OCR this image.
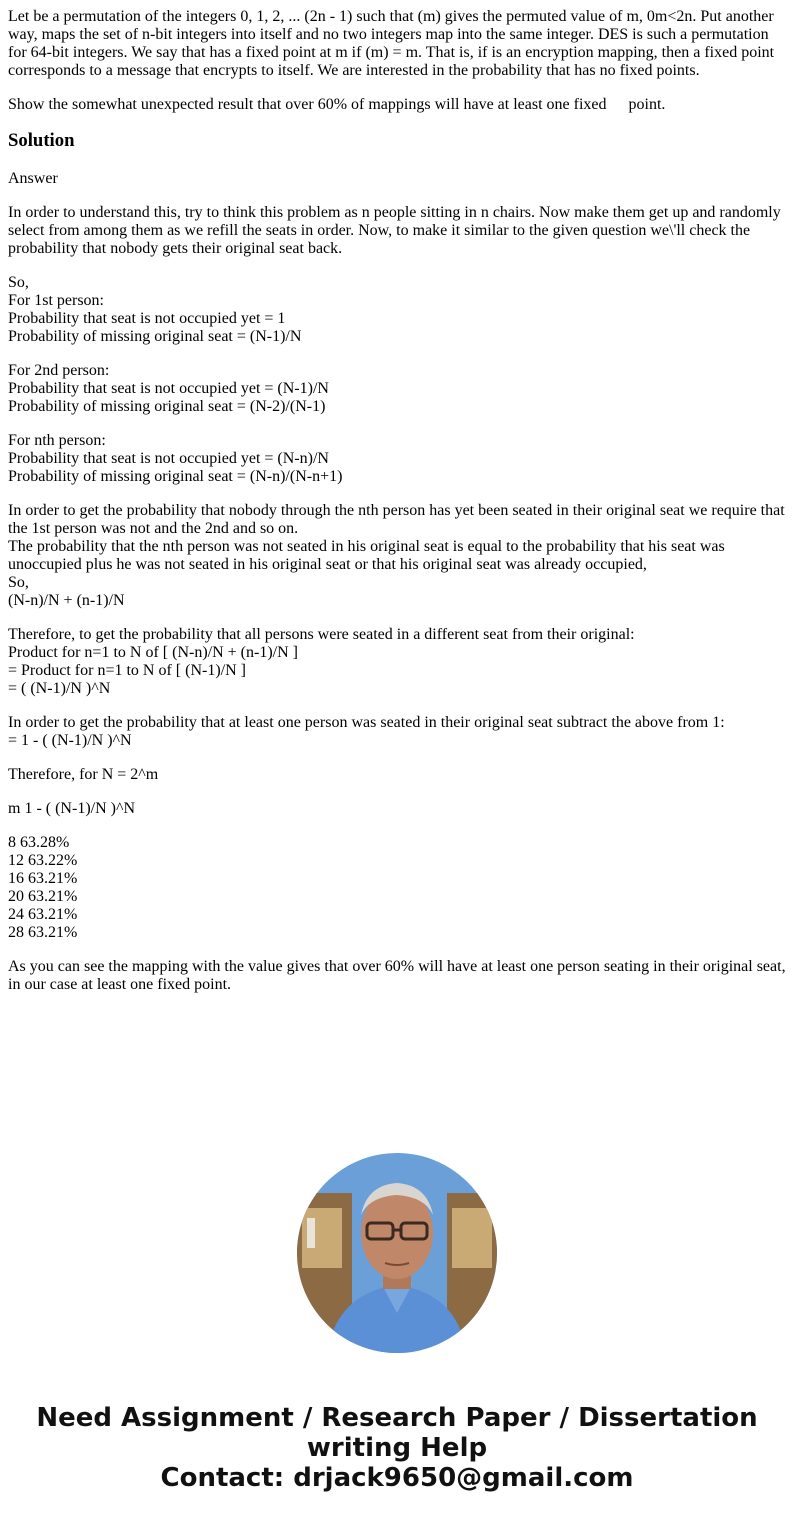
Let be a permutation of the integers 0, 1, 2, ... (2n - 1) such that (m) gives the permuted value of m, 0m<2n. Put another way, maps the set of n-bit integers into itself and no two integers map into the same integer. DES is such a permutation for 64-bit integers. We say that has a fixed point at m if (m) = m. That is, if is an encryption mapping, then a fixed point corresponds to a message that encrypts to itself. We are interested in the probability that has no fixed points.

Show the somewhat unexpected result that over 60% of mappings will have at least one fixed point.

Solution

Answer

In order to understand this, try to think this problem as n people sitting in n chairs. Now make them get up and randomly select from among them as we refill the seats in order. Now, to make it similar to the given question we\'ll check the probability that nobody gets their original seat back.

So,
For 1st person:
Probability that seat is not occupied yet = 1
Probability of missing original seat = (N-1)/N
For 2nd person:
Probability that seat is not occupied yet = (N-1)/N
Probability of missing original seat = (N-2)/(N-1)
For nth person:
Probability that seat is not occupied yet = (N-n)/N
Probability of missing original seat = (N-n)/(N-n+1)
In order to get the probability that nobody through the nth person has yet been seated in their original seat we require that the 1st person was not and the 2nd and so on.
The probability that the nth person was not seated in his original seat is equal to the probability that his seat was unoccupied plus he was not seated in his original seat or that his original seat was already occupied,
So,
(N-n)/N + (n-1)/N
Therefore, to get the probability that all persons were seated in a different seat from their original:
Product for n=1 to N of [ (N-n)/N + (n-1)/N ]
= Product for n=1 to N of [ (N-1)/N ]
= ( (N-1)/N )^N
In order to get the probability that at least one person was seated in their original seat subtract the above from 1:
= 1 - ( (N-1)/N )^N
Therefore, for N = 2^m
m 1 - ( (N-1)/N )^N
8 63.28%
12 63.22%
16 63.21%
20 63.21%
24 63.21%
28 63.21%

As you can see the mapping with the value gives that over 60% will have at least one person seating in their original seat, in our case at least one fixed point.

Need Assignment / Research Paper / Dissertation
writing Help
Contact: drjack9650@gmail.com
